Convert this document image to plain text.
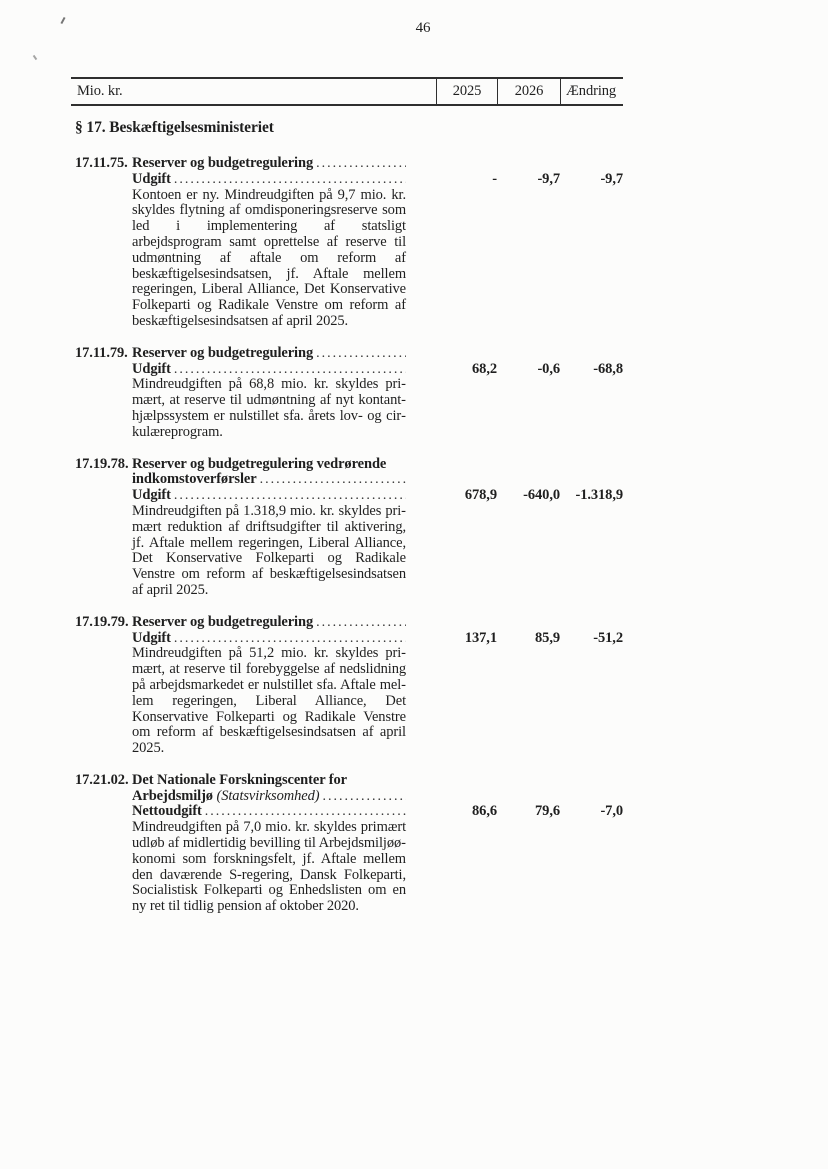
46
Mio. kr.	2025	2026	Ændring
§ 17. Beskæftigelsesministeriet
17.11.75. Reserver og budgetregulering
.....
Udgift .....	-	-9,7	-9,7
Kontoen er ny. Mindreudgiften på 9,7 mio. kr. skyldes flytning af omdisponeringsreserve som led i implementering af statsligt arbejdsprogram samt oprettelse af reserve til udmøntning af aftale om reform af beskæftigelsesindsatsen, jf. Aftale mellem regeringen, Liberal Alliance, Det Konservative Folkeparti og Radikale Venstre om reform af beskæftigelsesindsatsen af april 2025.
17.11.79. Reserver og budgetregulering
.....
Udgift .....	68,2	-0,6	-68,8
Mindreudgiften på 68,8 mio. kr. skyldes primært, at reserve til udmøntning af nyt kontanthjælpssystem er nulstillet sfa. årets lov- og cirkulæreprogram.
17.19.78. Reserver og budgetregulering vedrørende
indkomstoverførsler
.....
Udgift .....	678,9	-640,0	-1.318,9
Mindreudgiften på 1.318,9 mio. kr. skyldes primært reduktion af driftsudgifter til aktivering, jf. Aftale mellem regeringen, Liberal Alliance, Det Konservative Folkeparti og Radikale Venstre om reform af beskæftigelsesindsatsen af april 2025.
17.19.79. Reserver og budgetregulering
.....
Udgift .....	137,1	85,9	-51,2
Mindreudgiften på 51,2 mio. kr. skyldes primært, at reserve til forebyggelse af nedslidning på arbejdsmarkedet er nulstillet sfa. Aftale mellem regeringen, Liberal Alliance, Det Konservative Folkeparti og Radikale Venstre om reform af beskæftigelsesindsatsen af april 2025.
17.21.02. Det Nationale Forskningscenter for
Arbejdsmiljø (Statsvirksomhed)
.....
Nettoudgift .....	86,6	79,6	-7,0
Mindreudgiften på 7,0 mio. kr. skyldes primært udløb af midlertidig bevilling til Arbejdsmiljøøkonomi som forskningsfelt, jf. Aftale mellem den daværende S-regering, Dansk Folkeparti, Socialistisk Folkeparti og Enhedslisten om en ny ret til tidlig pension af oktober 2020.
